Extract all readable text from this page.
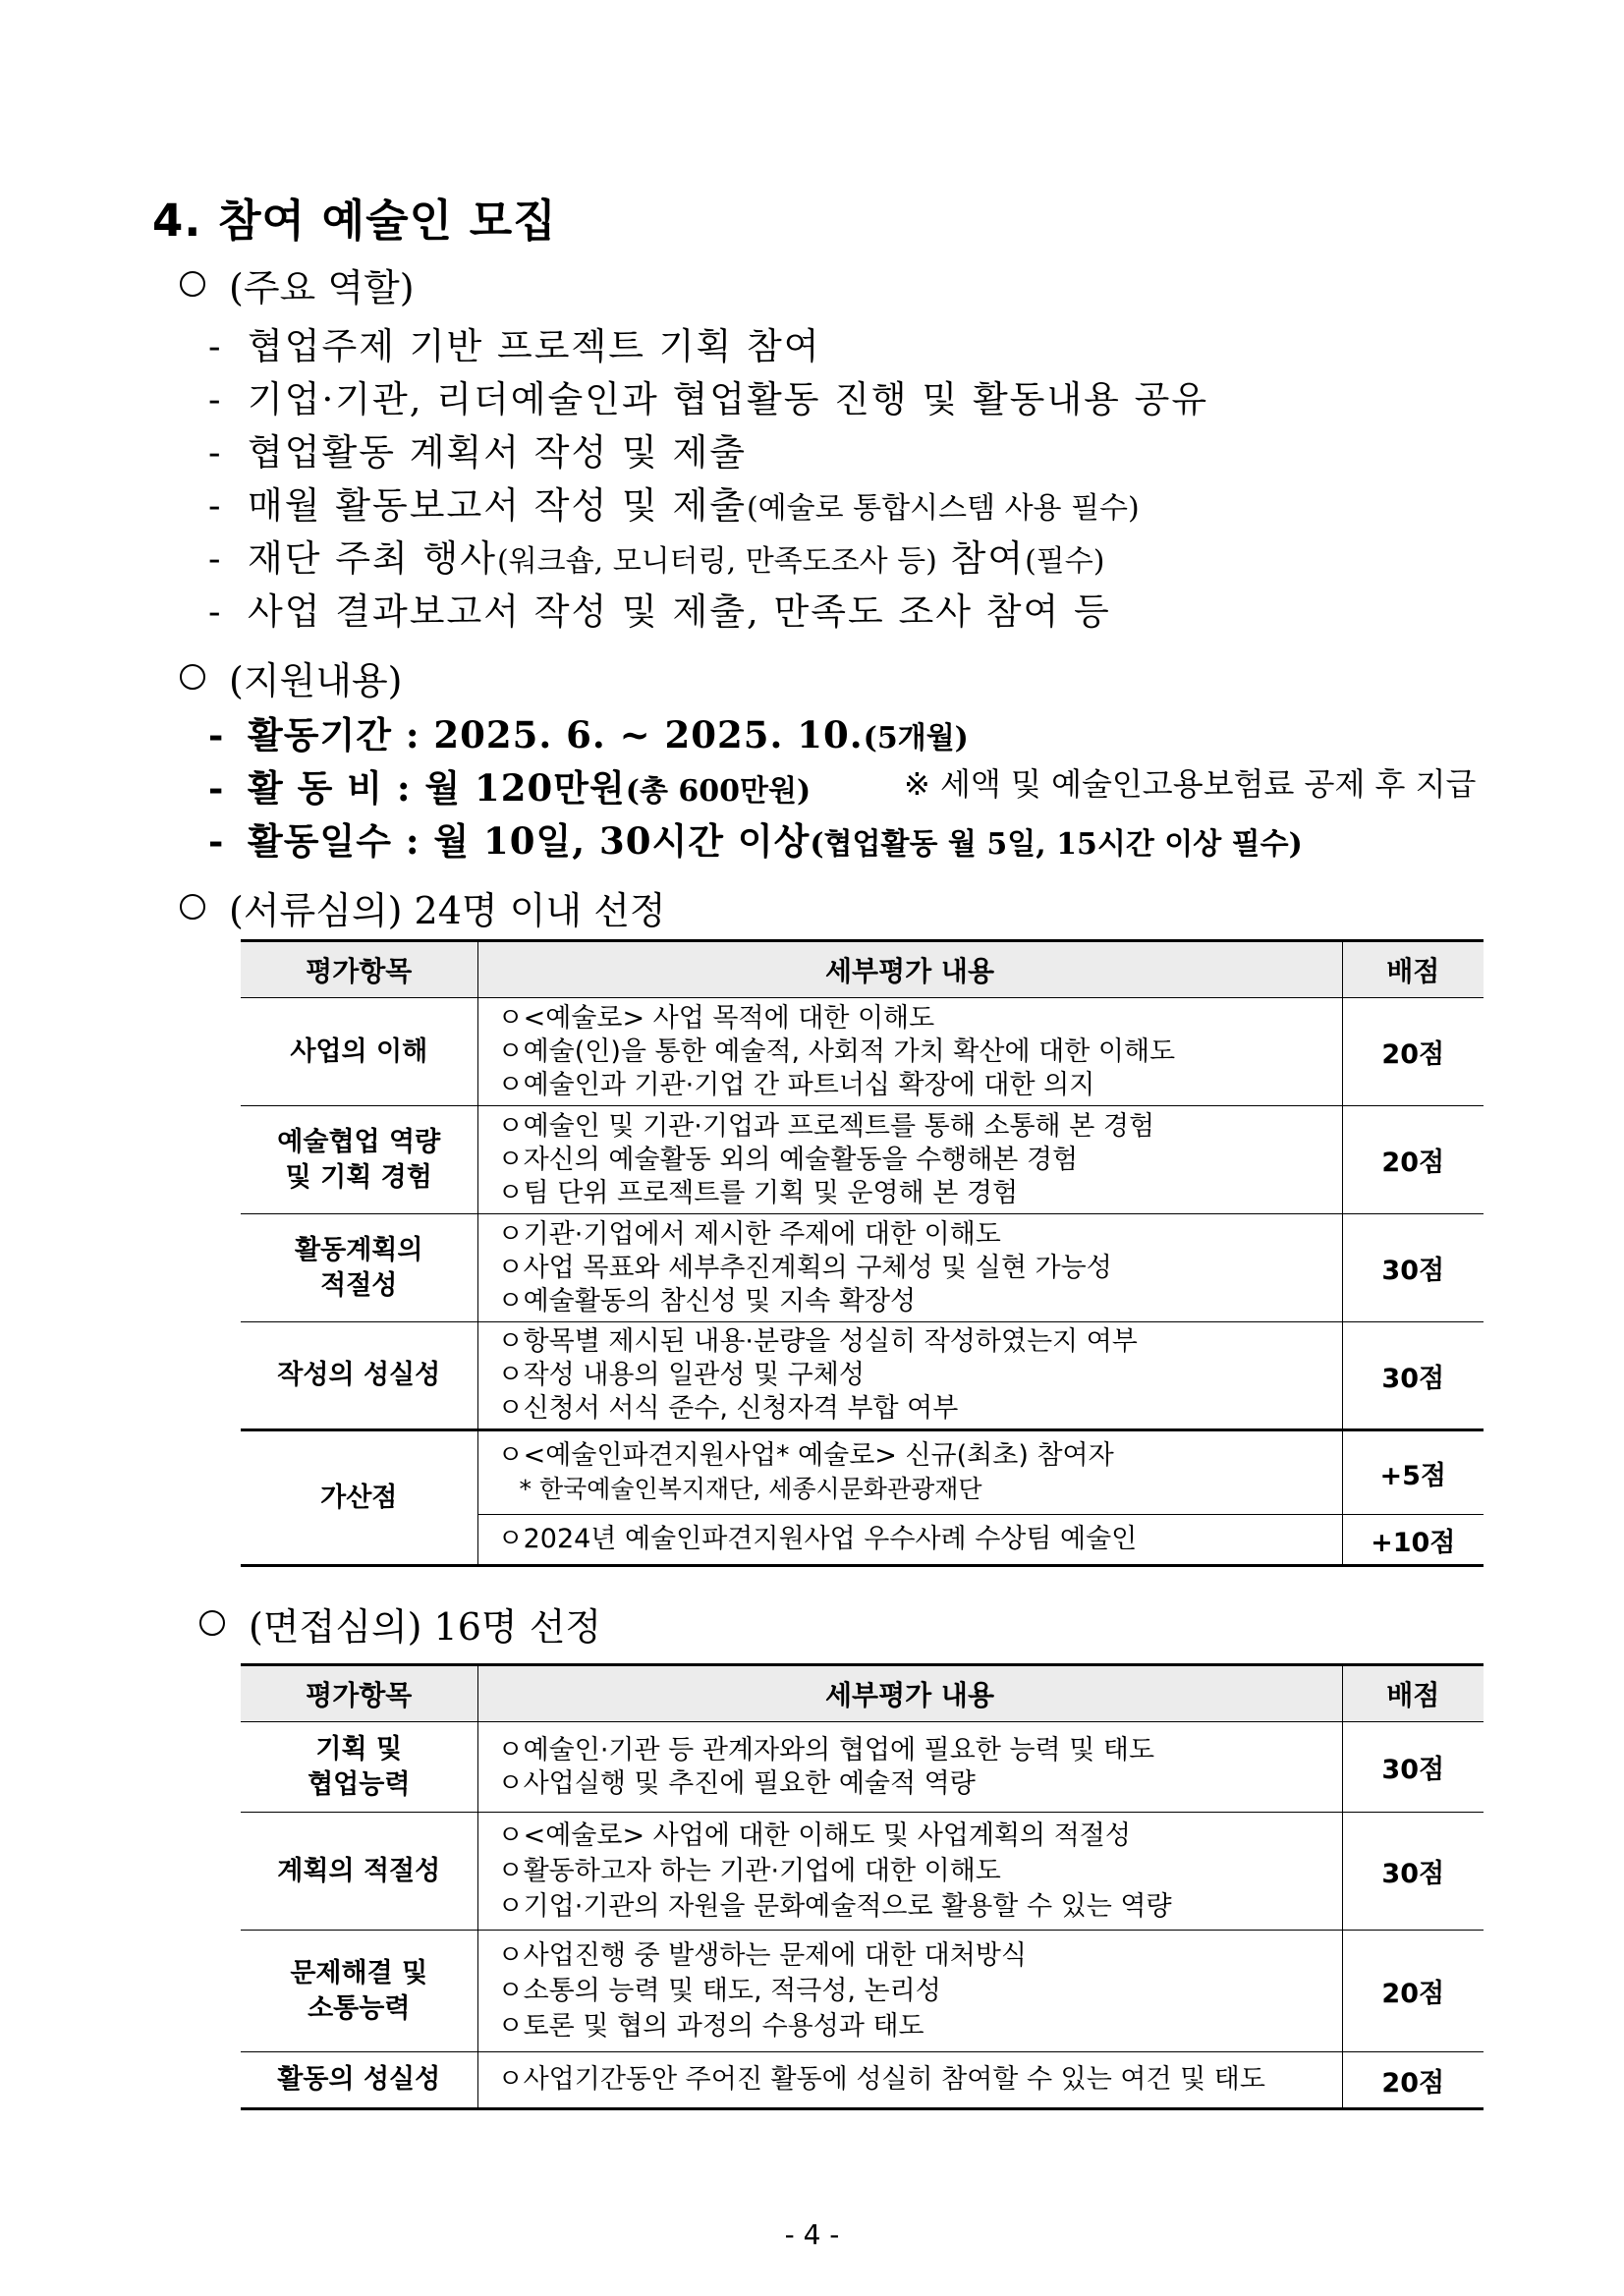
4. 참여 예술인 모집
(주요 역할)
- 협업주제 기반 프로젝트 기획 참여
- 기업·기관, 리더예술인과 협업활동 진행 및 활동내용 공유
- 협업활동 계획서 작성 및 제출
- 매월 활동보고서 작성 및 제출(예술로 통합시스템 사용 필수)
- 재단 주최 행사(워크숍, 모니터링, 만족도조사 등) 참여(필수)
- 사업 결과보고서 작성 및 제출, 만족도 조사 참여 등
(지원내용)
- 활동기간 : 2025. 6. ~ 2025. 10.(5개월)
- 활 동 비 : 월 120만원(총 600만원)	※ 세액 및 예술인고용보험료 공제 후 지급
- 활동일수 : 월 10일, 30시간 이상(협업활동 월 5일, 15시간 이상 필수)
(서류심의) 24명 이내 선정
평가항목	세부평가 내용	배점
사업의 이해	ㅇ<예술로> 사업 목적에 대한 이해도
ㅇ예술(인)을 통한 예술적, 사회적 가치 확산에 대한 이해도
ㅇ예술인과 기관·기업 간 파트너십 확장에 대한 의지	20점
예술협업 역량
및 기획 경험	ㅇ예술인 및 기관·기업과 프로젝트를 통해 소통해 본 경험
ㅇ자신의 예술활동 외의 예술활동을 수행해본 경험
ㅇ팀 단위 프로젝트를 기획 및 운영해 본 경험	20점
활동계획의
적절성	ㅇ기관·기업에서 제시한 주제에 대한 이해도
ㅇ사업 목표와 세부추진계획의 구체성 및 실현 가능성
ㅇ예술활동의 참신성 및 지속 확장성	30점
작성의 성실성	ㅇ항목별 제시된 내용·분량을 성실히 작성하였는지 여부
ㅇ작성 내용의 일관성 및 구체성
ㅇ신청서 서식 준수, 신청자격 부합 여부	30점
가산점	ㅇ<예술인파견지원사업* 예술로> 신규(최초) 참여자
* 한국예술인복지재단, 세종시문화관광재단	+5점

	ㅇ2024년 예술인파견지원사업 우수사례 수상팀 예술인	+10점
(면접심의) 16명 선정
평가항목	세부평가 내용	배점
기획 및
협업능력	ㅇ예술인·기관 등 관계자와의 협업에 필요한 능력 및 태도
ㅇ사업실행 및 추진에 필요한 예술적 역량	30점
계획의 적절성	ㅇ<예술로> 사업에 대한 이해도 및 사업계획의 적절성
ㅇ활동하고자 하는 기관·기업에 대한 이해도
ㅇ기업·기관의 자원을 문화예술적으로 활용할 수 있는 역량	30점
문제해결 및
소통능력	ㅇ사업진행 중 발생하는 문제에 대한 대처방식
ㅇ소통의 능력 및 태도, 적극성, 논리성
ㅇ토론 및 협의 과정의 수용성과 태도	20점
활동의 성실성	ㅇ사업기간동안 주어진 활동에 성실히 참여할 수 있는 여건 및 태도	20점
- 4 -
